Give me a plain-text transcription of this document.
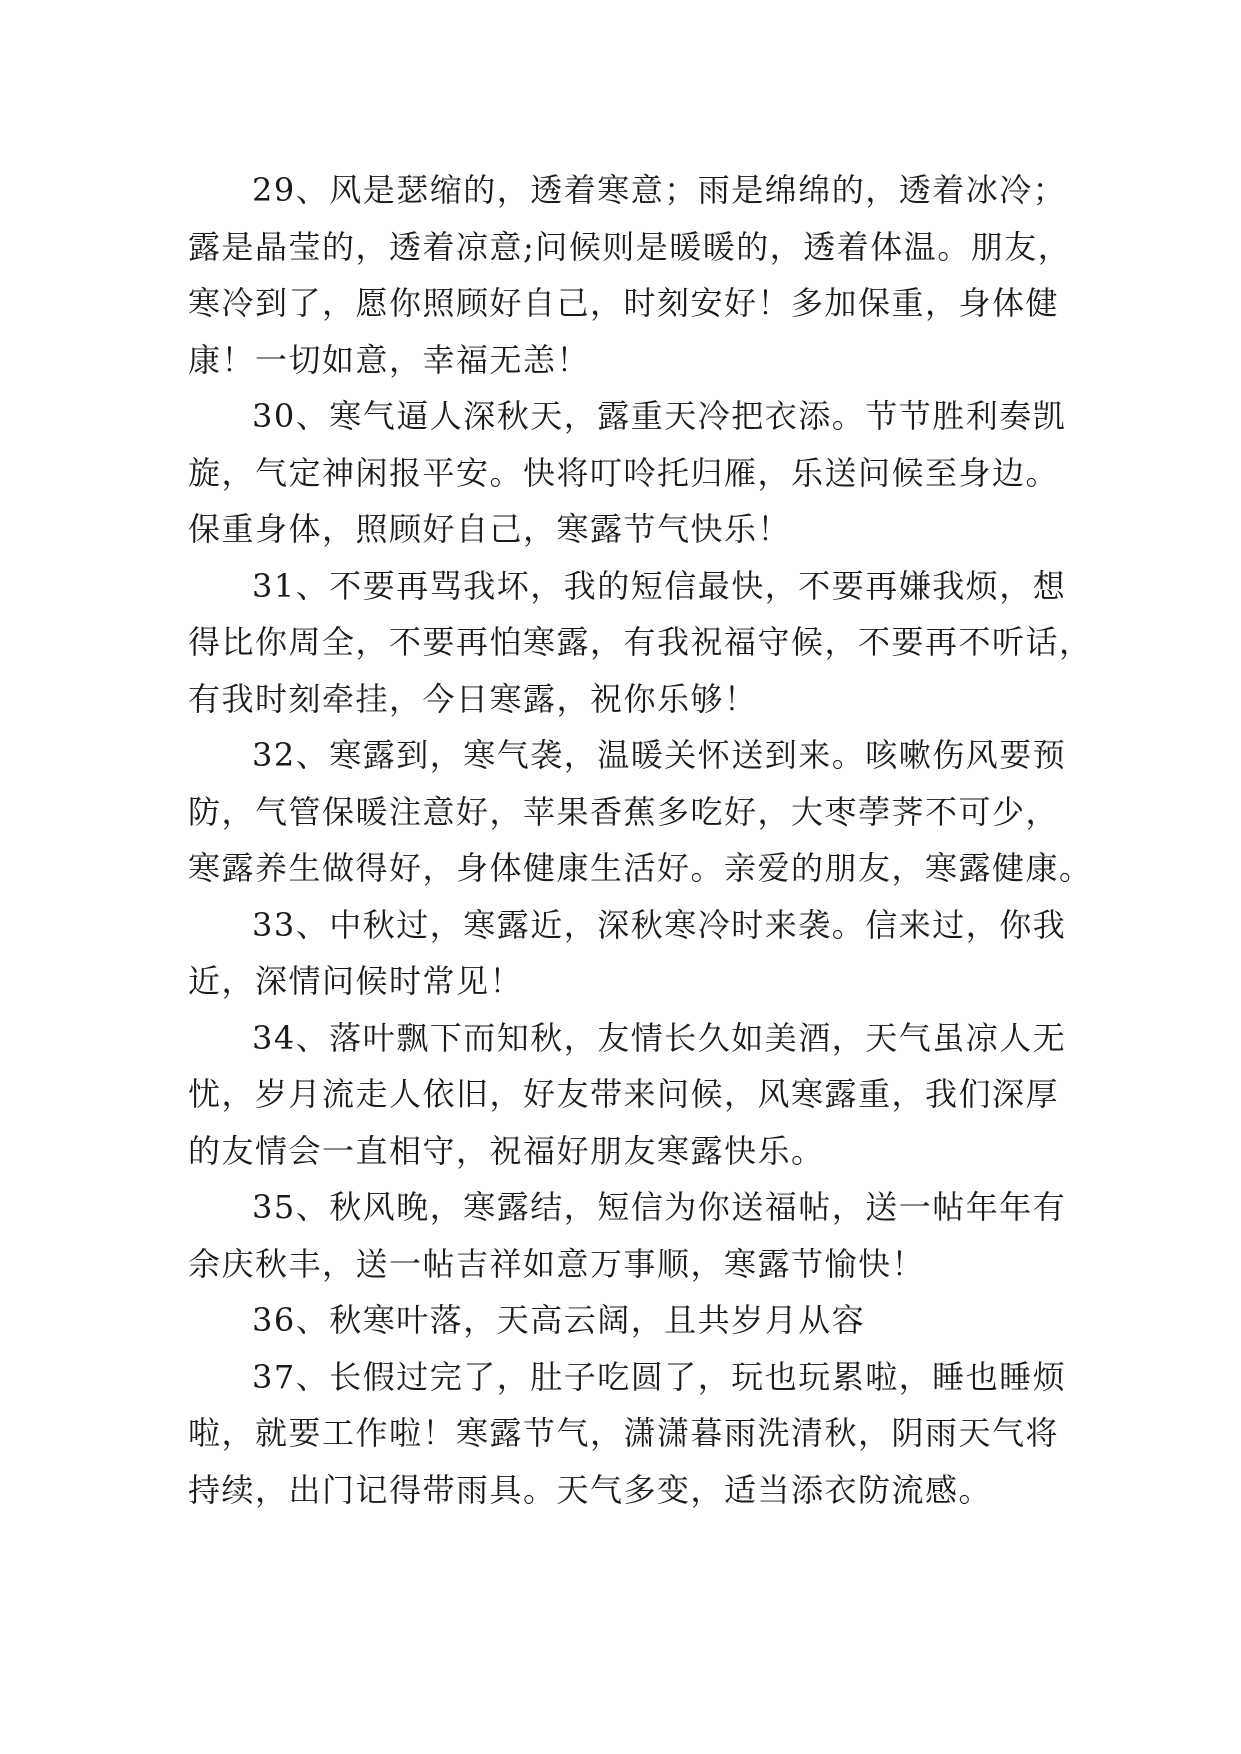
29、风是瑟缩的，透着寒意；雨是绵绵的，透着冰冷；
露是晶莹的，透着凉意;问候则是暖暖的，透着体温。朋友，
寒冷到了，愿你照顾好自己，时刻安好！多加保重，身体健
康！一切如意，幸福无恙！

30、寒气逼人深秋天，露重天冷把衣添。节节胜利奏凯
旋，气定神闲报平安。快将叮呤托归雁，乐送问候至身边。
保重身体，照顾好自己，寒露节气快乐！

31、不要再骂我坏，我的短信最快，不要再嫌我烦，想
得比你周全，不要再怕寒露，有我祝福守候，不要再不听话，
有我时刻牵挂，今日寒露，祝你乐够！

32、寒露到，寒气袭，温暖关怀送到来。咳嗽伤风要预
防，气管保暖注意好，苹果香蕉多吃好，大枣荸荠不可少，
寒露养生做得好，身体健康生活好。亲爱的朋友，寒露健康。

33、中秋过，寒露近，深秋寒冷时来袭。信来过，你我
近，深情问候时常见！

34、落叶飘下而知秋，友情长久如美酒，天气虽凉人无
忧，岁月流走人依旧，好友带来问候，风寒露重，我们深厚
的友情会一直相守，祝福好朋友寒露快乐。

35、秋风晚，寒露结，短信为你送福帖，送一帖年年有
余庆秋丰，送一帖吉祥如意万事顺，寒露节愉快！

36、秋寒叶落，天高云阔，且共岁月从容

37、长假过完了，肚子吃圆了，玩也玩累啦，睡也睡烦
啦，就要工作啦！寒露节气，潇潇暮雨洗清秋，阴雨天气将
持续，出门记得带雨具。天气多变，适当添衣防流感。
